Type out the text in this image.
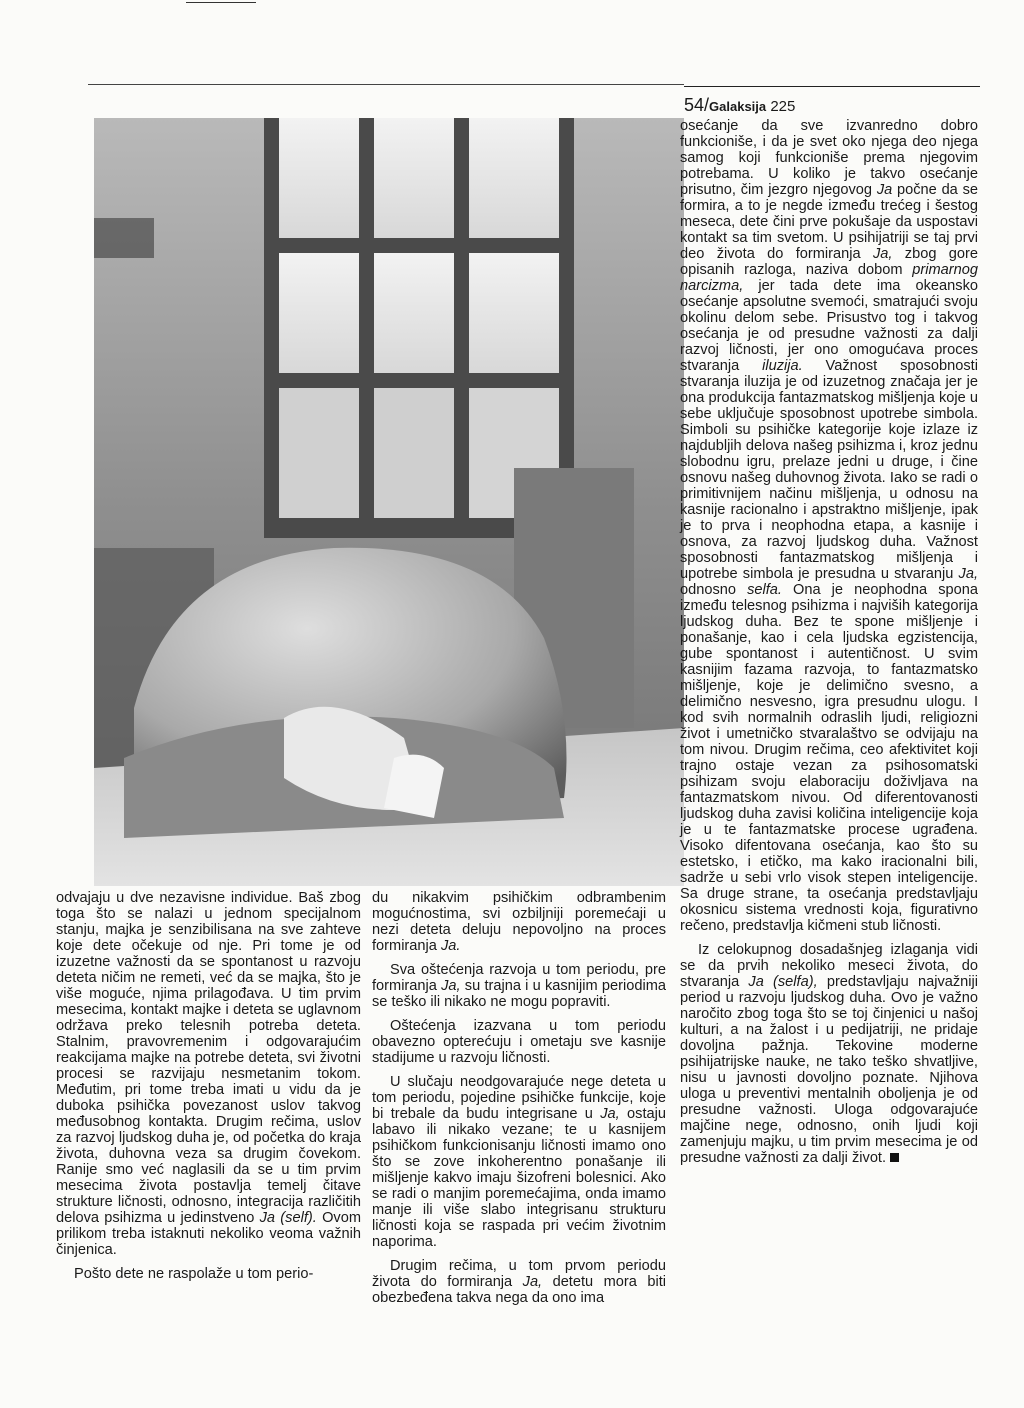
54/Galaksija 225

odvajaju u dve nezavisne individue. Baš zbog toga što se nalazi u jednom specijalnom stanju, majka je senzibilisana na sve zahteve koje dete očekuje od nje. Pri tome je od izuzetne važnosti da se spontanost u razvoju deteta ničim ne remeti, već da se majka, što je više moguće, njima prilagođava. U tim prvim mesecima, kontakt majke i deteta se uglavnom održava preko telesnih potreba deteta. Stalnim, pravovremenim i odgovarajućim reakcijama majke na potrebe deteta, svi životni procesi se razvijaju nesmetanim tokom. Međutim, pri tome treba imati u vidu da je duboka psihička povezanost uslov takvog međusobnog kontakta. Drugim rečima, uslov za razvoj ljudskog duha je, od početka do kraja života, duhovna veza sa drugim čovekom. Ranije smo već naglasili da se u tim prvim mesecima života postavlja temelj čitave strukture ličnosti, odnosno, integracija različitih delova psihizma u jedinstveno Ja (self). Ovom prilikom treba istaknuti nekoliko veoma važnih činjenica.

Pošto dete ne raspolaže u tom perio-

du nikakvim psihičkim odbrambenim mogućnostima, svi ozbiljniji poremećaji u nezi deteta deluju nepovoljno na proces formiranja Ja.

Sva oštećenja razvoja u tom periodu, pre formiranja Ja, su trajna i u kasnijim periodima se teško ili nikako ne mogu popraviti.

Oštećenja izazvana u tom periodu obavezno opterećuju i ometaju sve kasnije stadijume u razvoju ličnosti.

U slučaju neodgovarajuće nege deteta u tom periodu, pojedine psihičke funkcije, koje bi trebale da budu integrisane u Ja, ostaju labavo ili nikako vezane; te u kasnijem psihičkom funkcionisanju ličnosti imamo ono što se zove inkoherentno ponašanje ili mišljenje kakvo imaju šizofreni bolesnici. Ako se radi o manjim poremećajima, onda imamo manje ili više slabo integrisanu strukturu ličnosti koja se raspada pri većim životnim naporima.

Drugim rečima, u tom prvom periodu života do formiranja Ja, detetu mora biti obezbeđena takva nega da ono ima

osećanje da sve izvanredno dobro funkcioniše, i da je svet oko njega deo njega samog koji funkcioniše prema njegovim potrebama. U koliko je takvo osećanje prisutno, čim jezgro njegovog Ja počne da se formira, a to je negde između trećeg i šestog meseca, dete čini prve pokušaje da uspostavi kontakt sa tim svetom. U psihijatriji se taj prvi deo života do formiranja Ja, zbog gore opisanih razloga, naziva dobom primarnog narcizma, jer tada dete ima okeansko osećanje apsolutne svemoći, smatrajući svoju okolinu delom sebe. Prisustvo tog i takvog osećanja je od presudne važnosti za dalji razvoj ličnosti, jer ono omogućava proces stvaranja iluzija. Važnost sposobnosti stvaranja iluzija je od izuzetnog značaja jer je ona produkcija fantazmatskog mišljenja koje u sebe uključuje sposobnost upotrebe simbola. Simboli su psihičke kategorije koje izlaze iz najdubljih delova našeg psihizma i, kroz jednu slobodnu igru, prelaze jedni u druge, i čine osnovu našeg duhovnog života. Iako se radi o primitivnijem načinu mišljenja, u odnosu na kasnije racionalno i apstraktno mišljenje, ipak je to prva i neophodna etapa, a kasnije i osnova, za razvoj ljudskog duha. Važnost sposobnosti fantazmatskog mišljenja i upotrebe simbola je presudna u stvaranju Ja, odnosno selfa. Ona je neophodna spona između telesnog psihizma i najviših kategorija ljudskog duha. Bez te spone mišljenje i ponašanje, kao i cela ljudska egzistencija, gube spontanost i autentičnost. U svim kasnijim fazama razvoja, to fantazmatsko mišljenje, koje je delimično svesno, a delimično nesvesno, igra presudnu ulogu. I kod svih normalnih odraslih ljudi, religiozni život i umetničko stvaralaštvo se odvijaju na tom nivou. Drugim rečima, ceo afektivitet koji trajno ostaje vezan za psihosomatski psihizam svoju elaboraciju doživljava na fantazmatskom nivou. Od diferentovanosti ljudskog duha zavisi količina inteligencije koja je u te fantazmatske procese ugrađena. Visoko difentovana osećanja, kao što su estetsko, i etičko, ma kako iracionalni bili, sadrže u sebi vrlo visok stepen inteligencije. Sa druge strane, ta osećanja predstavljaju okosnicu sistema vrednosti koja, figurativno rečeno, predstavlja kičmeni stub ličnosti.

Iz celokupnog dosadašnjeg izlaganja vidi se da prvih nekoliko meseci života, do stvaranja Ja (selfa), predstavljaju najvažniji period u razvoju ljudskog duha. Ovo je važno naročito zbog toga što se toj činjenici u našoj kulturi, a na žalost i u pedijatriji, ne pridaje dovoljna pažnja. Tekovine moderne psihijatrijske nauke, ne tako teško shvatljive, nisu u javnosti dovoljno poznate. Njihova uloga u preventivi mentalnih oboljenja je od presudne važnosti. Uloga odgovarajuće majčine nege, odnosno, onih ljudi koji zamenjuju majku, u tim prvim mesecima je od presudne važnosti za dalji život.
